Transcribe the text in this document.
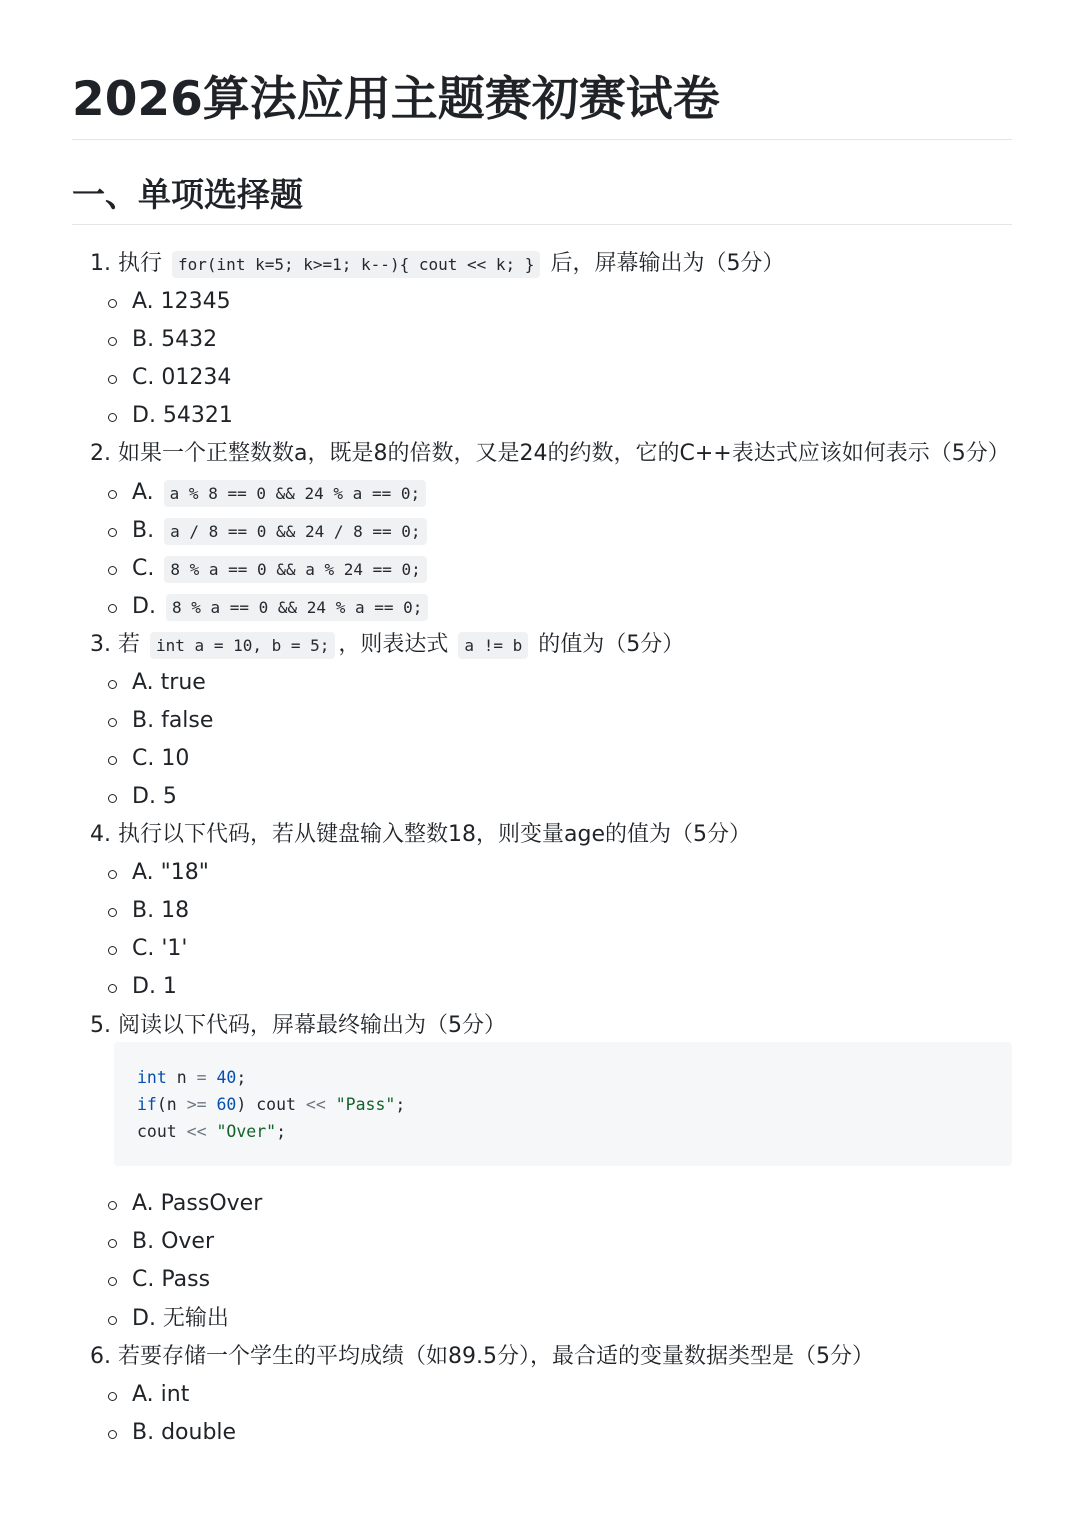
2026算法应用主题赛初赛试卷
一、单项选择题
1. 执行 for(int k=5; k>=1; k--){ cout << k; } 后，屏幕输出为（5分）
A. 12345
B. 5432
C. 01234
D. 54321
2. 如果一个正整数数a，既是8的倍数，又是24的约数，它的C++表达式应该如何表示（5分）
A. a % 8 == 0 && 24 % a == 0;
B. a / 8 == 0 && 24 / 8 == 0;
C. 8 % a == 0 && a % 24 == 0;
D. 8 % a == 0 && 24 % a == 0;
3. 若 int a = 10, b = 5; ，则表达式 a != b 的值为（5分）
A. true
B. false
C. 10
D. 5
4. 执行以下代码，若从键盘输入整数18，则变量age的值为（5分）
A. "18"
B. 18
C. '1'
D. 1
5. 阅读以下代码，屏幕最终输出为（5分）
int n = 40;
if(n >= 60) cout << "Pass";
cout << "Over";
A. PassOver
B. Over
C. Pass
D. 无输出
6. 若要存储一个学生的平均成绩（如89.5分），最合适的变量数据类型是（5分）
A. int
B. double
